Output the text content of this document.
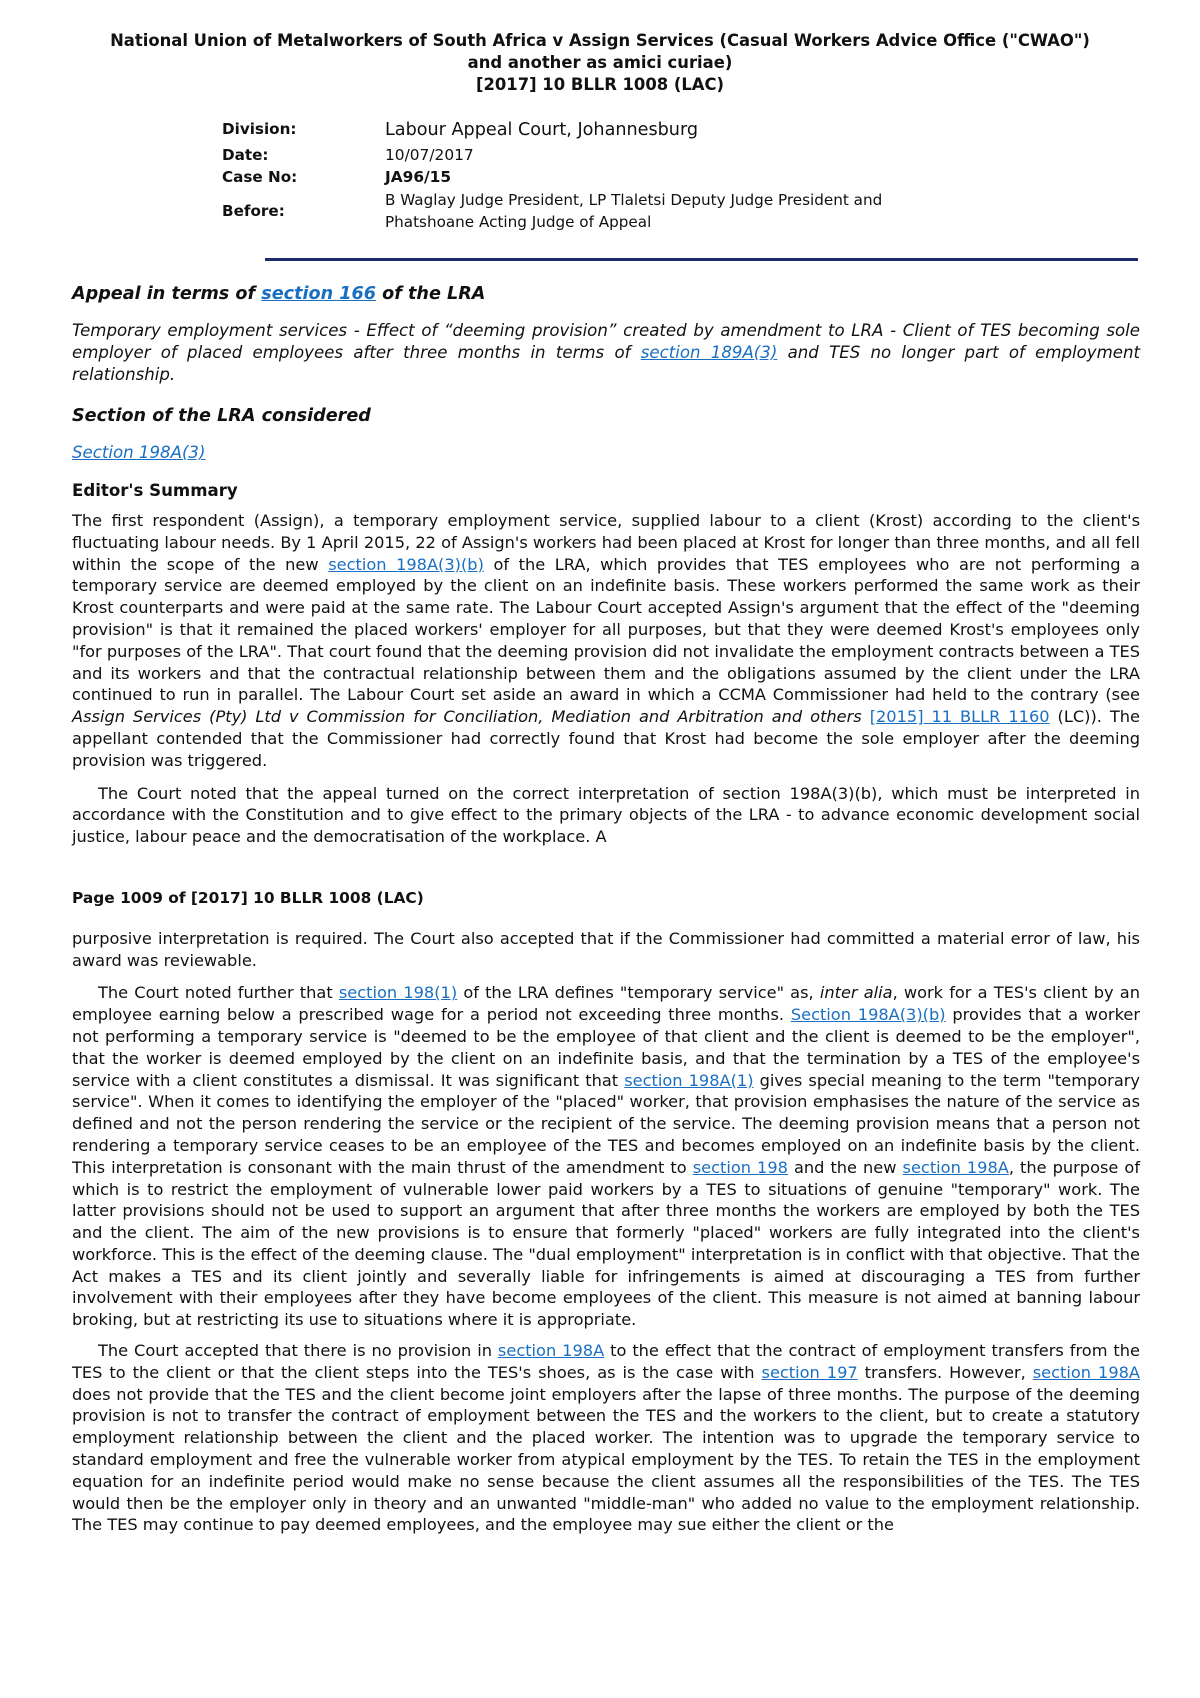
National Union of Metalworkers of South Africa v Assign Services (Casual Workers Advice Office ("CWAO")
and another as amici curiae)
[2017] 10 BLLR 1008 (LAC)
Division:	Labour Appeal Court, Johannesburg
Date:	10/07/2017
Case No:	JA96/15
Before:	B Waglay Judge President, LP Tlaletsi Deputy Judge President and
Phatshoane Acting Judge of Appeal

Appeal in terms of section 166 of the LRA

Temporary employment services - Effect of “deeming provision” created by amendment to LRA - Client of TES becoming sole employer of placed employees after three months in terms of section 189A(3) and TES no longer part of employment relationship.

Section of the LRA considered

Section 198A(3)

Editor's Summary

The first respondent (Assign), a temporary employment service, supplied labour to a client (Krost) according to the client's fluctuating labour needs. By 1 April 2015, 22 of Assign's workers had been placed at Krost for longer than three months, and all fell within the scope of the new section 198A(3)(b) of the LRA, which provides that TES employees who are not performing a temporary service are deemed employed by the client on an indefinite basis. These workers performed the same work as their Krost counterparts and were paid at the same rate. The Labour Court accepted Assign's argument that the effect of the "deeming provision" is that it remained the placed workers' employer for all purposes, but that they were deemed Krost's employees only "for purposes of the LRA". That court found that the deeming provision did not invalidate the employment contracts between a TES and its workers and that the contractual relationship between them and the obligations assumed by the client under the LRA continued to run in parallel. The Labour Court set aside an award in which a CCMA Commissioner had held to the contrary (see Assign Services (Pty) Ltd v Commission for Conciliation, Mediation and Arbitration and others [2015] 11 BLLR 1160 (LC)). The appellant contended that the Commissioner had correctly found that Krost had become the sole employer after the deeming provision was triggered.

The Court noted that the appeal turned on the correct interpretation of section 198A(3)(b), which must be interpreted in accordance with the Constitution and to give effect to the primary objects of the LRA - to advance economic development social justice, labour peace and the democratisation of the workplace. A

Page 1009 of [2017] 10 BLLR 1008 (LAC)

purposive interpretation is required. The Court also accepted that if the Commissioner had committed a material error of law, his award was reviewable.

The Court noted further that section 198(1) of the LRA defines "temporary service" as, inter alia, work for a TES's client by an employee earning below a prescribed wage for a period not exceeding three months. Section 198A(3)(b) provides that a worker not performing a temporary service is "deemed to be the employee of that client and the client is deemed to be the employer", that the worker is deemed employed by the client on an indefinite basis, and that the termination by a TES of the employee's service with a client constitutes a dismissal. It was significant that section 198A(1) gives special meaning to the term "temporary service". When it comes to identifying the employer of the "placed" worker, that provision emphasises the nature of the service as defined and not the person rendering the service or the recipient of the service. The deeming provision means that a person not rendering a temporary service ceases to be an employee of the TES and becomes employed on an indefinite basis by the client. This interpretation is consonant with the main thrust of the amendment to section 198 and the new section 198A, the purpose of which is to restrict the employment of vulnerable lower paid workers by a TES to situations of genuine "temporary" work. The latter provisions should not be used to support an argument that after three months the workers are employed by both the TES and the client. The aim of the new provisions is to ensure that formerly "placed" workers are fully integrated into the client's workforce. This is the effect of the deeming clause. The "dual employment" interpretation is in conflict with that objective. That the Act makes a TES and its client jointly and severally liable for infringements is aimed at discouraging a TES from further involvement with their employees after they have become employees of the client. This measure is not aimed at banning labour broking, but at restricting its use to situations where it is appropriate.

The Court accepted that there is no provision in section 198A to the effect that the contract of employment transfers from the TES to the client or that the client steps into the TES's shoes, as is the case with section 197 transfers. However, section 198A does not provide that the TES and the client become joint employers after the lapse of three months. The purpose of the deeming provision is not to transfer the contract of employment between the TES and the workers to the client, but to create a statutory employment relationship between the client and the placed worker. The intention was to upgrade the temporary service to standard employment and free the vulnerable worker from atypical employment by the TES. To retain the TES in the employment equation for an indefinite period would make no sense because the client assumes all the responsibilities of the TES. The TES would then be the employer only in theory and an unwanted "middle-man" who added no value to the employment relationship. The TES may continue to pay deemed employees, and the employee may sue either the client or the
